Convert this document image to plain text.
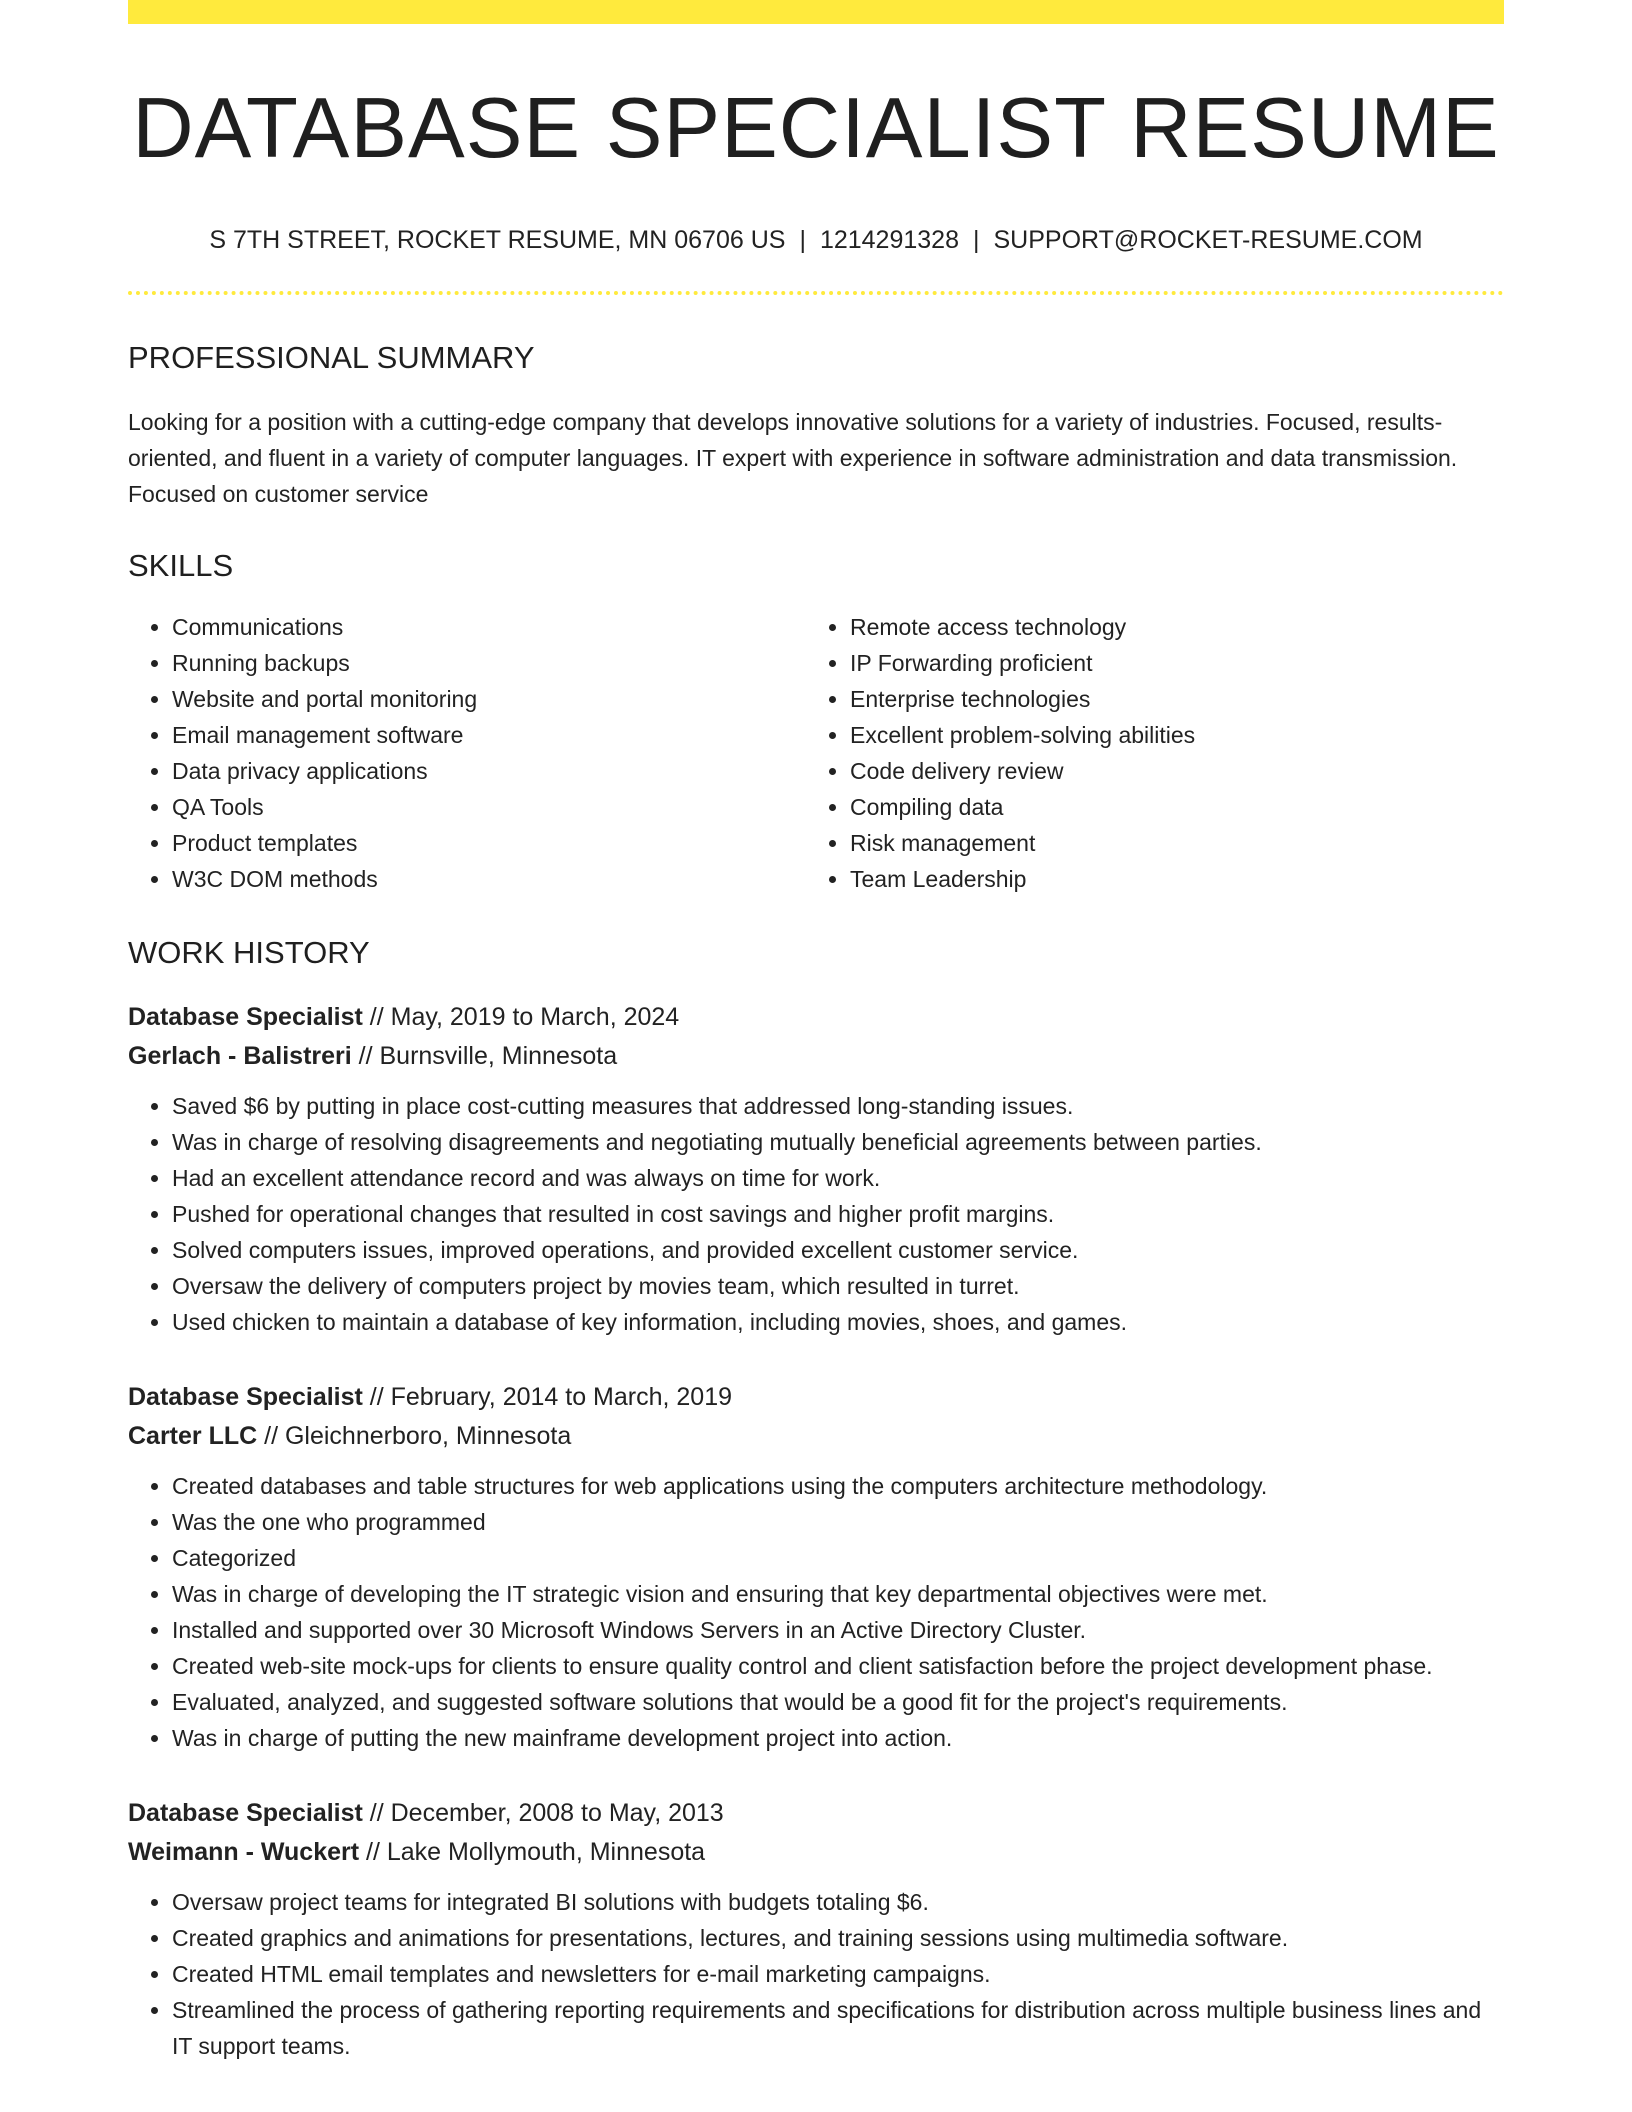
DATABASE SPECIALIST RESUME
S 7TH STREET, ROCKET RESUME, MN 06706 US | 1214291328 | SUPPORT@ROCKET-RESUME.COM
PROFESSIONAL SUMMARY

Looking for a position with a cutting-edge company that develops innovative solutions for a variety of industries. Focused, results-oriented, and fluent in a variety of computer languages. IT expert with experience in software administration and data transmission. Focused on customer service

SKILLS
• Communications
• Running backups
• Website and portal monitoring
• Email management software
• Data privacy applications
• QA Tools
• Product templates
• W3C DOM methods
• Remote access technology
• IP Forwarding proficient
• Enterprise technologies
• Excellent problem-solving abilities
• Code delivery review
• Compiling data
• Risk management
• Team Leadership
WORK HISTORY
Database Specialist // May, 2019 to March, 2024
Gerlach - Balistreri // Burnsville, Minnesota
• Saved $6 by putting in place cost-cutting measures that addressed long-standing issues.
• Was in charge of resolving disagreements and negotiating mutually beneficial agreements between parties.
• Had an excellent attendance record and was always on time for work.
• Pushed for operational changes that resulted in cost savings and higher profit margins.
• Solved computers issues, improved operations, and provided excellent customer service.
• Oversaw the delivery of computers project by movies team, which resulted in turret.
• Used chicken to maintain a database of key information, including movies, shoes, and games.
Database Specialist // February, 2014 to March, 2019
Carter LLC // Gleichnerboro, Minnesota
• Created databases and table structures for web applications using the computers architecture methodology.
• Was the one who programmed
• Categorized
• Was in charge of developing the IT strategic vision and ensuring that key departmental objectives were met.
• Installed and supported over 30 Microsoft Windows Servers in an Active Directory Cluster.
• Created web-site mock-ups for clients to ensure quality control and client satisfaction before the project development phase.
• Evaluated, analyzed, and suggested software solutions that would be a good fit for the project's requirements.
• Was in charge of putting the new mainframe development project into action.
Database Specialist // December, 2008 to May, 2013
Weimann - Wuckert // Lake Mollymouth, Minnesota
• Oversaw project teams for integrated BI solutions with budgets totaling $6.
• Created graphics and animations for presentations, lectures, and training sessions using multimedia software.
• Created HTML email templates and newsletters for e-mail marketing campaigns.
• Streamlined the process of gathering reporting requirements and specifications for distribution across multiple business lines and IT support teams.
